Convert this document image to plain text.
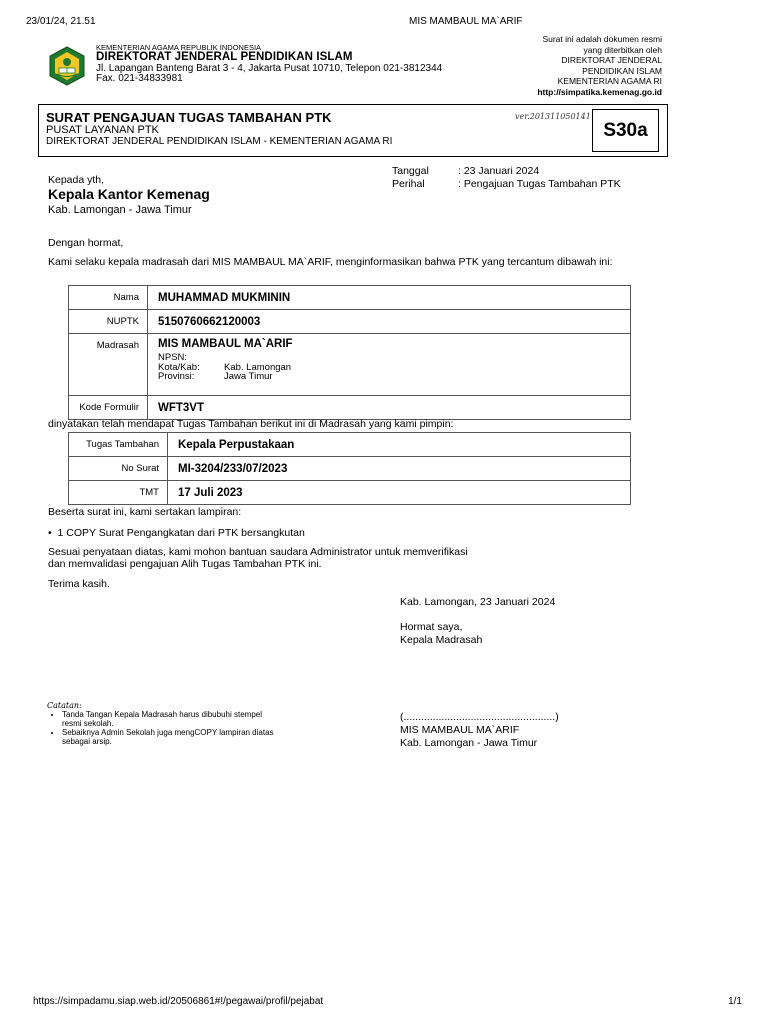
23/01/24, 21.51	MIS MAMBAUL MA`ARIF
KEMENTERIAN AGAMA REPUBLIK INDONESIA
DIREKTORAT JENDERAL PENDIDIKAN ISLAM
Jl. Lapangan Banteng Barat 3 - 4, Jakarta Pusat 10710, Telepon 021-3812344
Fax. 021-34833981
Surat ini adalah dokumen resmi
yang diterbitkan oleh
DIREKTORAT JENDERAL
PENDIDIKAN ISLAM
KEMENTERIAN AGAMA RI
http://simpatika.kemenag.go.id
SURAT PENGAJUAN TUGAS TAMBAHAN PTK
PUSAT LAYANAN PTK
DIREKTORAT JENDERAL PENDIDIKAN ISLAM - KEMENTERIAN AGAMA RI
ver.201311050141
S30a
Tanggal	: 23 Januari 2024
Perihal	: Pengajuan Tugas Tambahan PTK
Kepada yth,
Kepala Kantor Kemenag
Kab. Lamongan - Jawa Timur
Dengan hormat,
Kami selaku kepala madrasah dari MIS MAMBAUL MA`ARIF, menginformasikan bahwa PTK yang tercantum dibawah ini:
Nama	MUHAMMAD MUKMININ
NUPTK	5150760662120003
Madrasah	MIS MAMBAUL MA`ARIF
NPSN:
Kota/Kab: Kab. Lamongan
Provinsi: Jawa Timur

Kode Formulir	WFT3VT
dinyatakan telah mendapat Tugas Tambahan berikut ini di Madrasah yang kami pimpin:
Tugas Tambahan	Kepala Perpustakaan
No Surat	MI-3204/233/07/2023
TMT	17 Juli 2023
Beserta surat ini, kami sertakan lampiran:
•  1 COPY Surat Pengangkatan dari PTK bersangkutan
Sesuai penyataan diatas, kami mohon bantuan saudara Administrator untuk memverifikasi dan memvalidasi pengajuan Alih Tugas Tambahan PTK ini.
Terima kasih.
Kab. Lamongan, 23 Januari 2024
Hormat saya,
Kepala Madrasah
(....................................................)
MIS MAMBAUL MA`ARIF
Kab. Lamongan - Jawa Timur
Catatan:
• Tanda Tangan Kepala Madrasah harus dibubuhi stempel resmi sekolah.
• Sebaiknya Admin Sekolah juga mengCOPY lampiran diatas sebagai arsip.
https://simpadamu.siap.web.id/20506861#!/pegawai/profil/pejabat	1/1
